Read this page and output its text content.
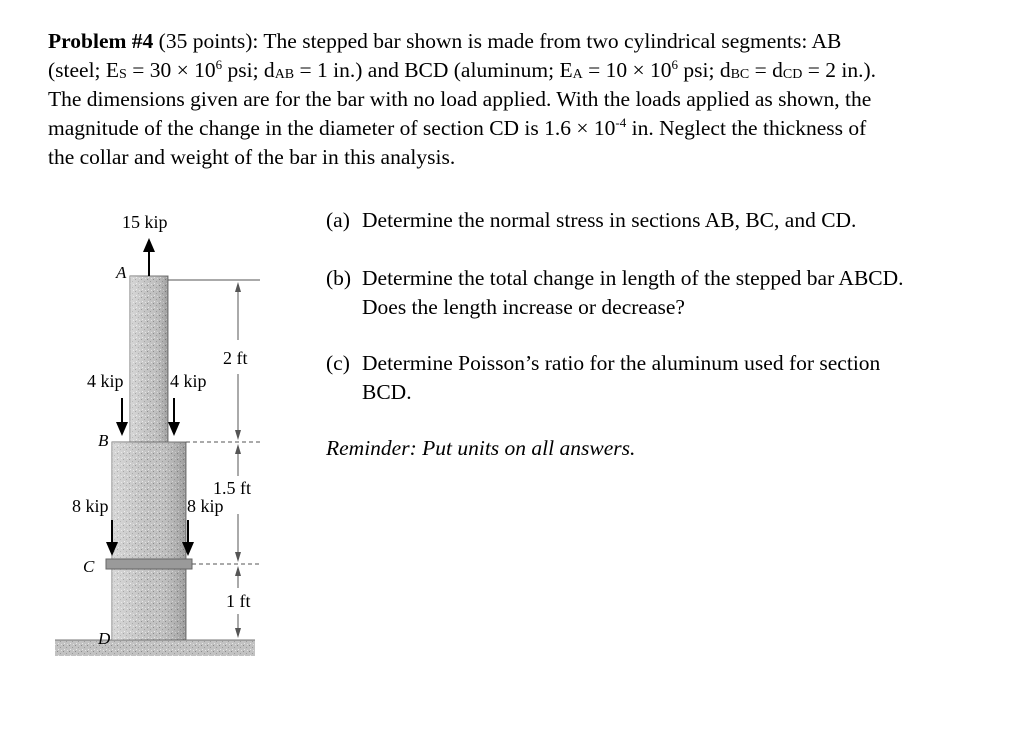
Problem #4 (35 points): The stepped bar shown is made from two cylindrical segments: AB
(steel; $E_S = 30 \times 10^6$ psi; $d_{AB} = 1$ in.) and BCD (aluminum; $E_A = 10 \times 10^6$ psi; $d_{BC} = d_{CD} = 2$ in.).
The dimensions given are for the bar with no load applied. With the loads applied as shown, the
magnitude of the change in the diameter of section CD is $1.6 \times 10^{-4}$ in. Neglect the thickness of
the collar and weight of the bar in this analysis.
15 kip
A
B
C
D
4 kip	4 kip
8 kip	8 kip
2 ft
1.5 ft
1 ft
(a) Determine the normal stress in sections AB, BC, and CD.
(b) Determine the total change in length of the stepped bar ABCD.
Does the length increase or decrease?
(c) Determine Poisson’s ratio for the aluminum used for section
BCD.
Reminder: Put units on all answers.
